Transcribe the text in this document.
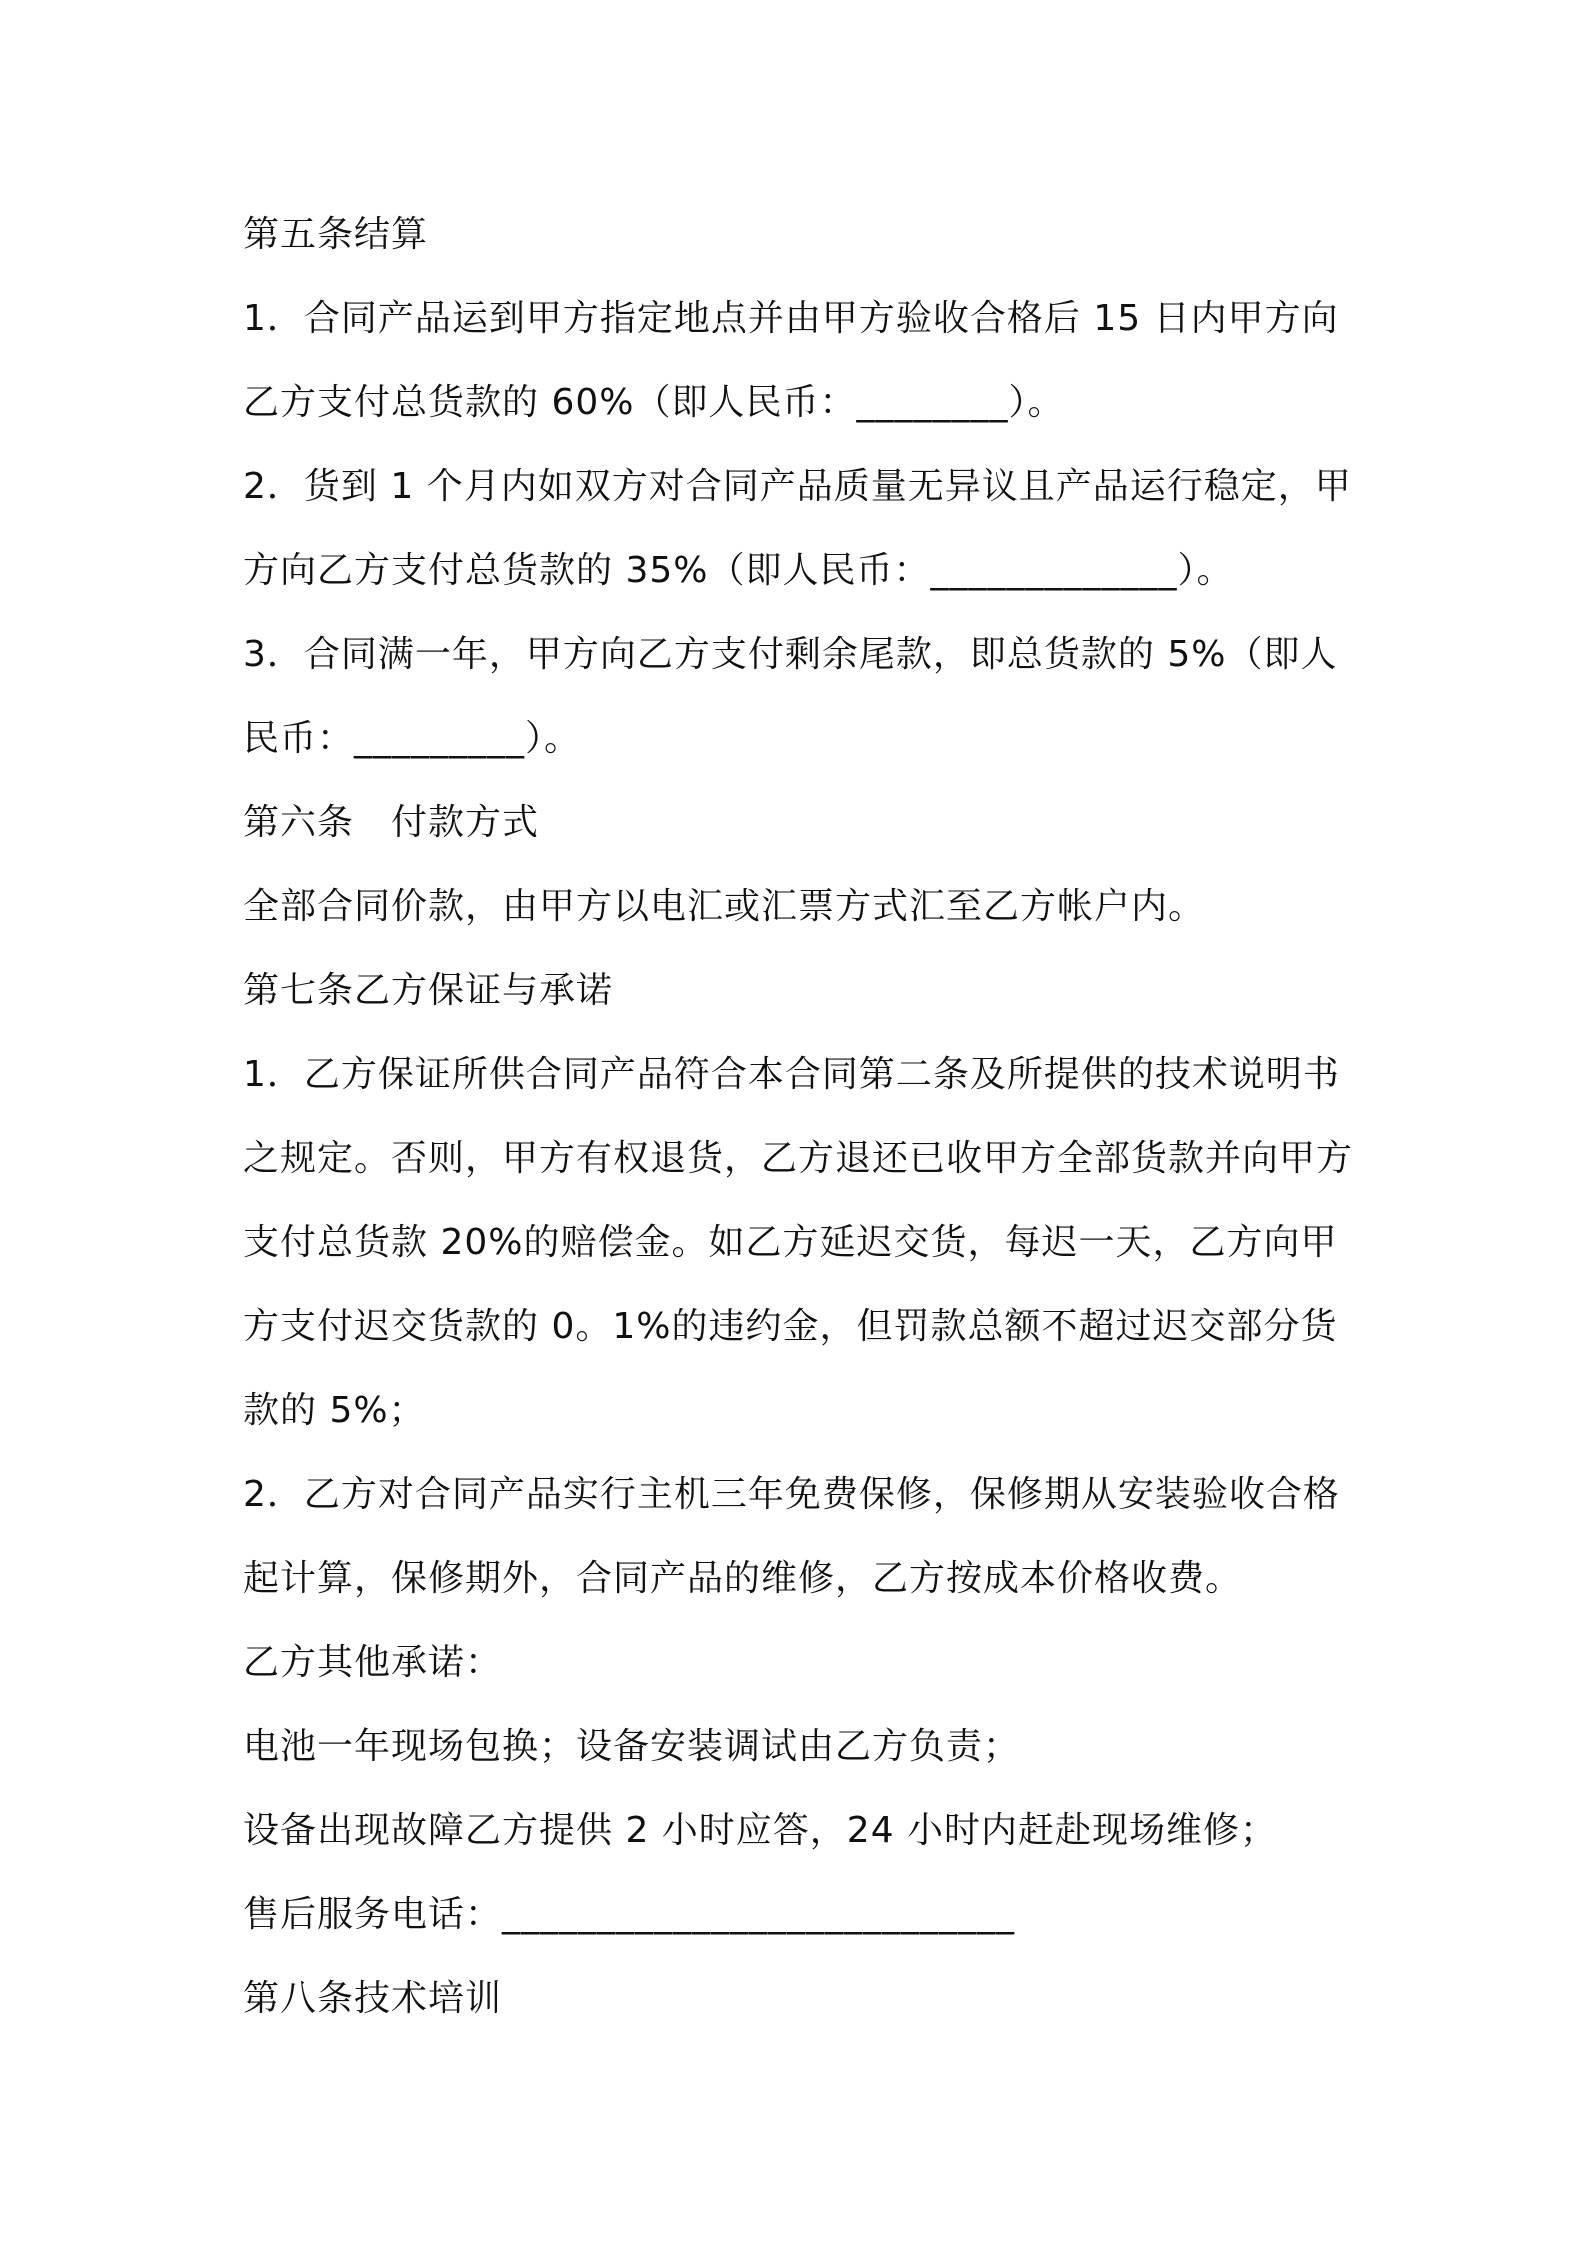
第五条结算
1．合同产品运到甲方指定地点并由甲方验收合格后 15 日内甲方向
乙方支付总货款的 60%（即人民币：________）。
2．货到 1 个月内如双方对合同产品质量无异议且产品运行稳定，甲
方向乙方支付总货款的 35%（即人民币：_____________）。
3．合同满一年，甲方向乙方支付剩余尾款，即总货款的 5%（即人
民币：_________）。
第六条　付款方式
全部合同价款，由甲方以电汇或汇票方式汇至乙方帐户内。
第七条乙方保证与承诺
1．乙方保证所供合同产品符合本合同第二条及所提供的技术说明书
之规定。否则，甲方有权退货，乙方退还已收甲方全部货款并向甲方
支付总货款 20%的赔偿金。如乙方延迟交货，每迟一天，乙方向甲
方支付迟交货款的 0。1%的违约金，但罚款总额不超过迟交部分货
款的 5%；
2．乙方对合同产品实行主机三年免费保修，保修期从安装验收合格
起计算，保修期外，合同产品的维修，乙方按成本价格收费。
乙方其他承诺：
电池一年现场包换；设备安装调试由乙方负责；
设备出现故障乙方提供 2 小时应答，24 小时内赶赴现场维修；
售后服务电话：___________________________
第八条技术培训
